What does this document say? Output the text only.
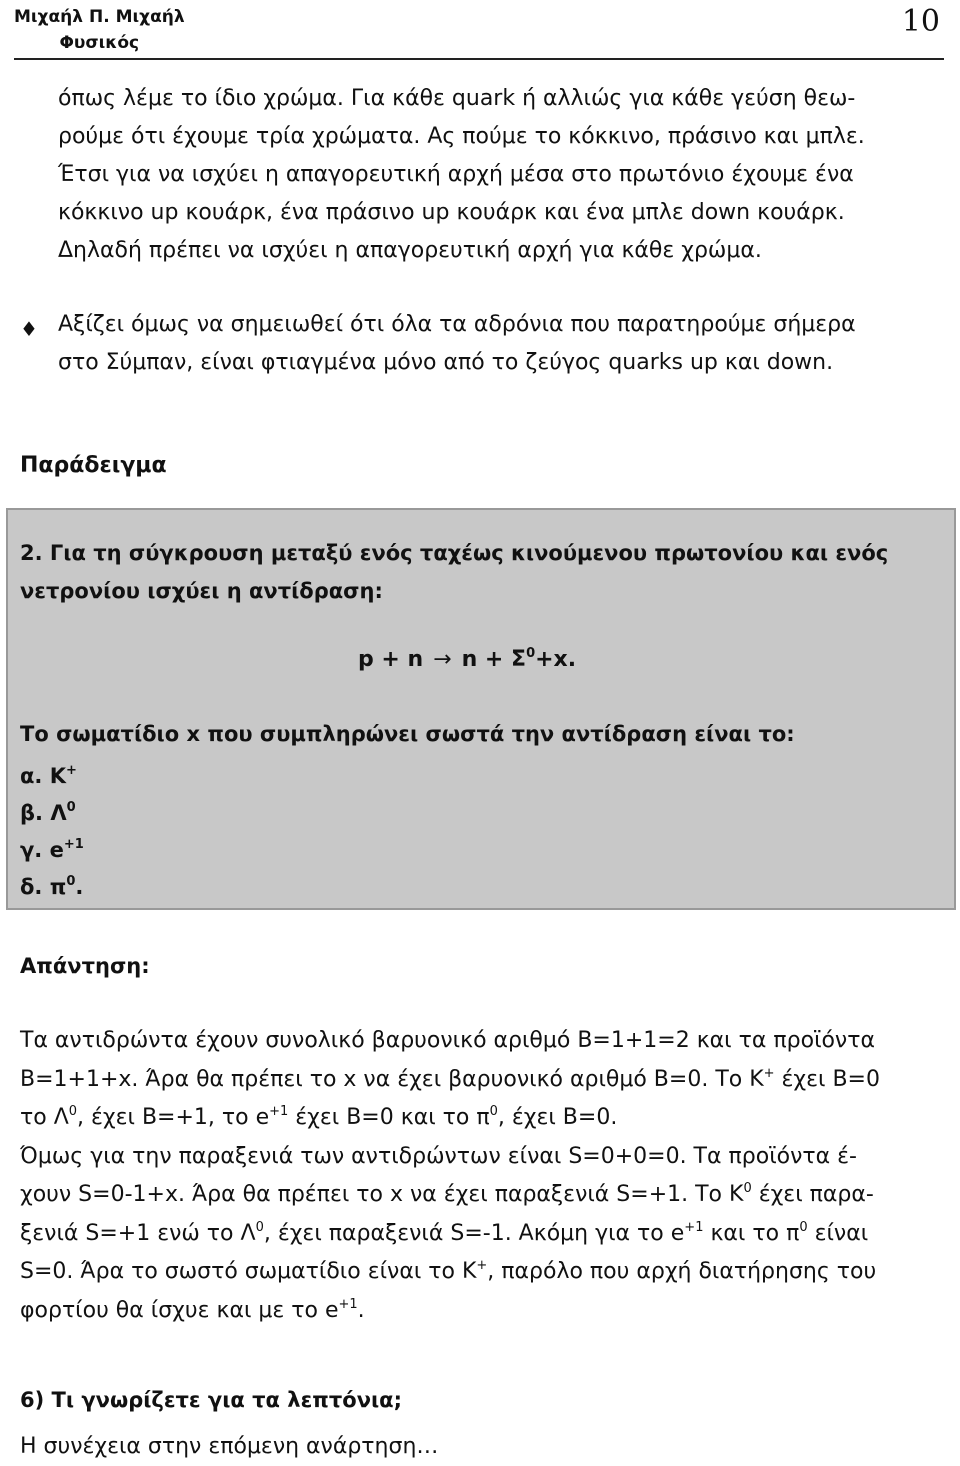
Μιχαήλ Π. Μιχαήλ
Φυσικός
10
όπως λέμε το ίδιο χρώμα. Για κάθε quark ή αλλιώς για κάθε γεύση θεω-
ρούμε ότι έχουμε τρία χρώματα. Ας πούμε το κόκκινο, πράσινο και μπλε.
Έτσι για να ισχύει η απαγορευτική αρχή μέσα στο πρωτόνιο έχουμε ένα
κόκκινο up κουάρκ, ένα πράσινο up κουάρκ και ένα μπλε down κουάρκ.
Δηλαδή πρέπει να ισχύει η απαγορευτική αρχή για κάθε χρώμα.
♦ Αξίζει όμως να σημειωθεί ότι όλα τα αδρόνια που παρατηρούμε σήμερα
στο Σύμπαν, είναι φτιαγμένα μόνο από το ζεύγος quarks up και down.
Παράδειγμα
2. Για τη σύγκρουση μεταξύ ενός ταχέως κινούμενου πρωτονίου και ενός
νετρονίου ισχύει η αντίδραση:
$p + n \to n + \Sigma^0+x$.
Το σωματίδιο x που συμπληρώνει σωστά την αντίδραση είναι το:
α. Κ+
β. $\Lambda^0$
γ. $e^{+1}$
δ. $\pi^0$.
Απάντηση:
Τα αντιδρώντα έχουν συνολικό βαρυονικό αριθμό Β=1+1=2 και τα προϊόντα
Β=1+1+x. Άρα θα πρέπει το x να έχει βαρυονικό αριθμό Β=0. Το Κ+ έχει Β=0
το $\Lambda^0$, έχει Β=+1, το $e^{+1}$ έχει Β=0 και το $\pi^0$, έχει Β=0.
Όμως για την παραξενιά των αντιδρώντων είναι S=0+0=0. Τα προϊόντα έ-
χουν S=0-1+x. Άρα θα πρέπει το x να έχει παραξενιά S=+1. Το $K^0$ έχει παρα-
ξενιά S=+1 ενώ το $\Lambda^0$, έχει παραξενιά S=-1. Ακόμη για το $e^{+1}$ και το $\pi^0$ είναι
S=0. Άρα το σωστό σωματίδιο είναι το Κ+, παρόλο που αρχή διατήρησης του
φορτίου θα ίσχυε και με το $e^{+1}$.
6) Τι γνωρίζετε για τα λεπτόνια;
Η συνέχεια στην επόμενη ανάρτηση…
